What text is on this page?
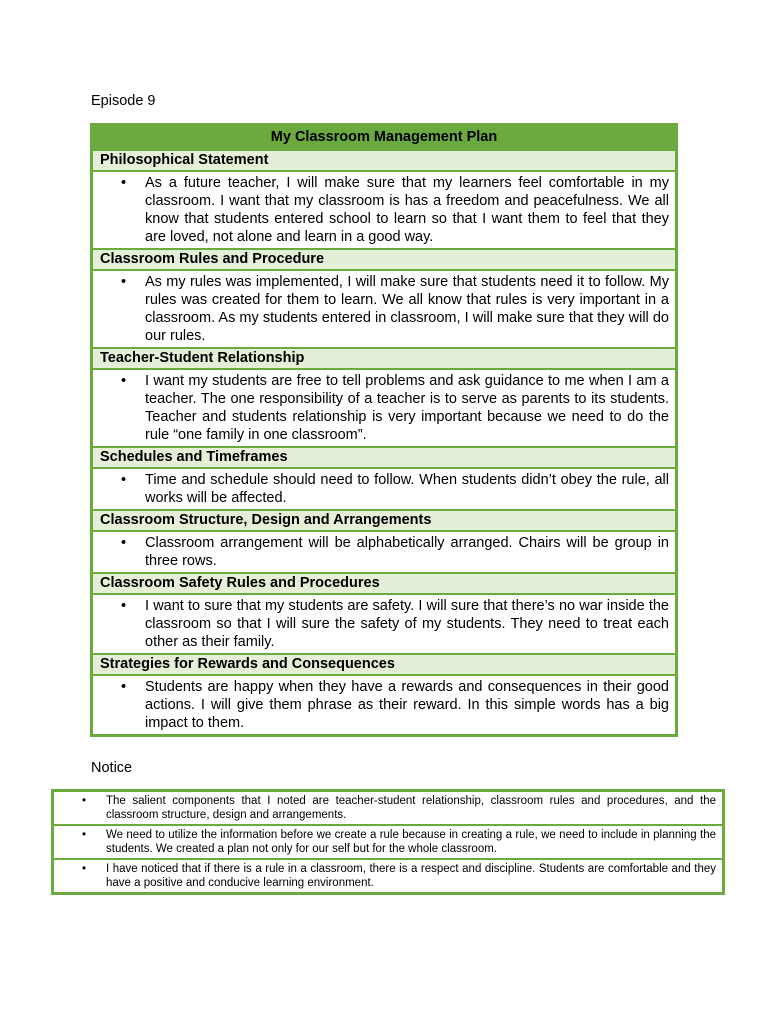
Episode 9
My Classroom Management Plan
Philosophical Statement
• As a future teacher, I will make sure that my learners feel comfortable in my classroom. I want that my classroom is has a freedom and peacefulness. We all know that students entered school to learn so that I want them to feel that they are loved, not alone and learn in a good way.
Classroom Rules and Procedure
• As my rules was implemented, I will make sure that students need it to follow. My rules was created for them to learn. We all know that rules is very important in a classroom. As my students entered in classroom, I will make sure that they will do our rules.
Teacher-Student Relationship
• I want my students are free to tell problems and ask guidance to me when I am a teacher. The one responsibility of a teacher is to serve as parents to its students. Teacher and students relationship is very important because we need to do the rule “one family in one classroom”.
Schedules and Timeframes
• Time and schedule should need to follow. When students didn’t obey the rule, all works will be affected.
Classroom Structure, Design and Arrangements
• Classroom arrangement will be alphabetically arranged. Chairs will be group in three rows.
Classroom Safety Rules and Procedures
• I want to sure that my students are safety. I will sure that there’s no war inside the classroom so that I will sure the safety of my students. They need to treat each other as their family.
Strategies for Rewards and Consequences
• Students are happy when they have a rewards and consequences in their good actions. I will give them phrase as their reward. In this simple words has a big impact to them.
Notice
• The salient components that I noted are teacher-student relationship, classroom rules and procedures, and the classroom structure, design and arrangements.
• We need to utilize the information before we create a rule because in creating a rule, we need to include in planning the students. We created a plan not only for our self but for the whole classroom.
• I have noticed that if there is a rule in a classroom, there is a respect and discipline. Students are comfortable and they have a positive and conducive learning environment.
